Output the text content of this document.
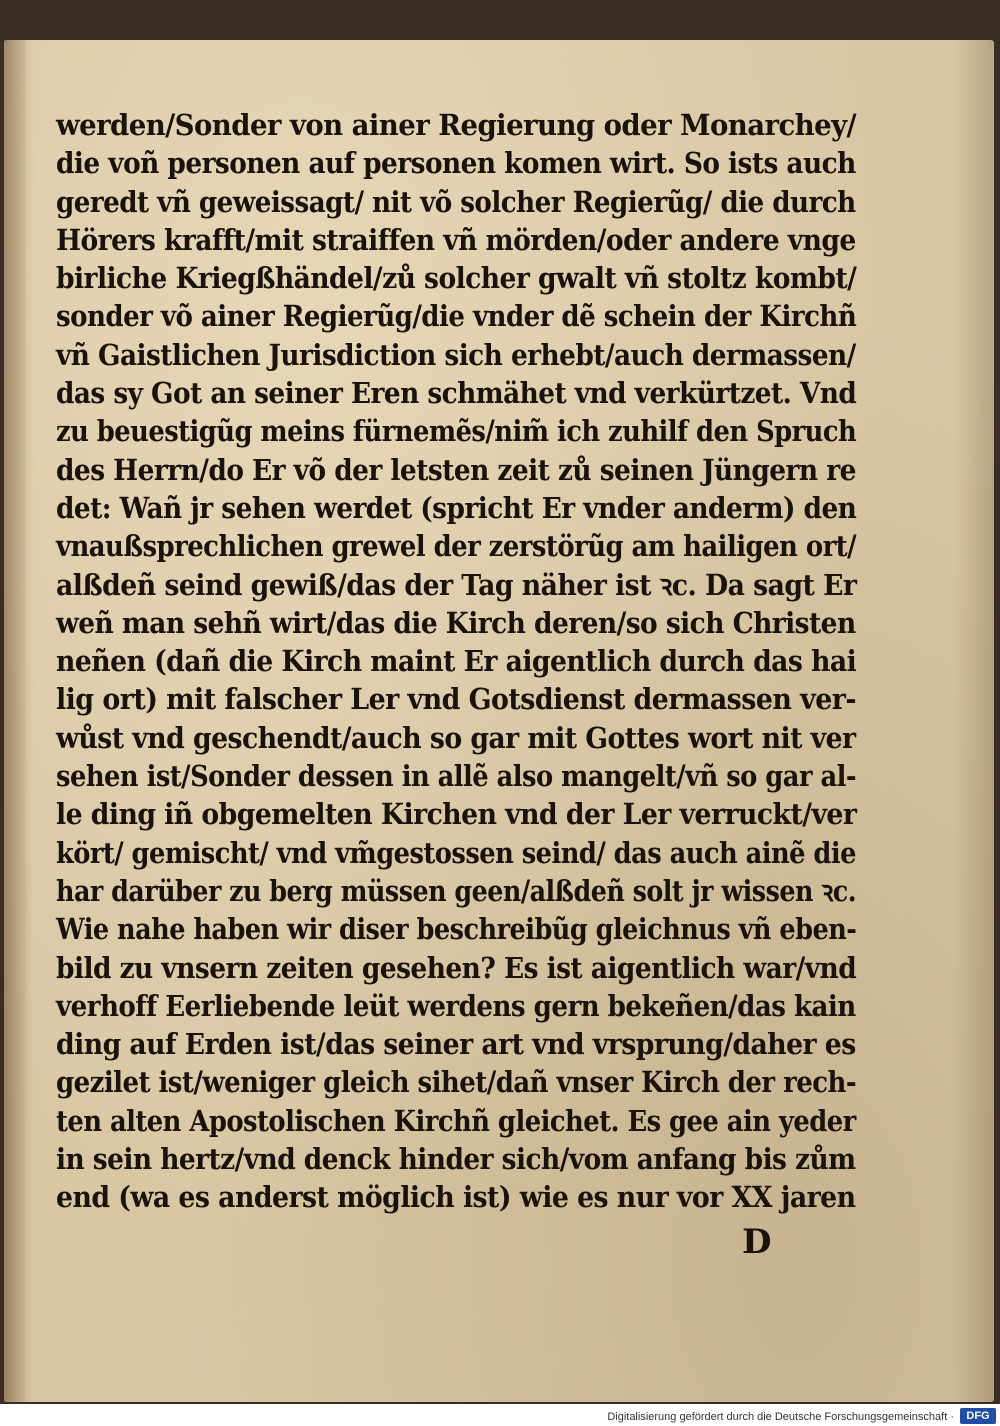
werden/Sonder von ainer Regierung oder Monarchey/
die voñ personen auf personen komen wirt. So ists auch
geredt vñ geweissagt/ nit võ solcher Regierũg/ die durch
Hörers krafft/mit straiffen vñ mörden/oder andere vnge
birliche Kriegßhändel/zů solcher gwalt vñ stoltz kombt/
sonder võ ainer Regierũg/die vnder dẽ schein der Kirchñ
vñ Gaistlichen Jurisdiction sich erhebt/auch dermassen/
das sy Got an seiner Eren schmähet vnd verkürtzet. Vnd
zu beuestigũg meins fürnemẽs/nim̃ ich zuhilf den Spruch
des Herrn/do Er võ der letsten zeit zů seinen Jüngern re
det: Wañ jr sehen werdet (spricht Er vnder anderm) den
vnaußsprechlichen grewel der zerstörũg am hailigen ort/
alßdeñ seind gewiß/das der Tag näher ist ꝛc. Da sagt Er
weñ man sehñ wirt/das die Kirch deren/so sich Christen
neñen (dañ die Kirch maint Er aigentlich durch das hai
lig ort) mit falscher Ler vnd Gotsdienst dermassen ver‑
wůst vnd geschendt/auch so gar mit Gottes wort nit ver
sehen ist/Sonder dessen in allẽ also mangelt/vñ so gar al‑
le ding iñ obgemelten Kirchen vnd der Ler verruckt/ver
kört/ gemischt/ vnd vm̃gestossen seind/ das auch ainẽ die
har darüber zu berg müssen geen/alßdeñ solt jr wissen ꝛc.
Wie nahe haben wir diser beschreibũg gleichnus vñ eben‑
bild zu vnsern zeiten gesehen? Es ist aigentlich war/vnd
verhoff Eerliebende leüt werdens gern bekeñen/das kain
ding auf Erden ist/das seiner art vnd vrsprung/daher es
gezilet ist/weniger gleich sihet/dañ vnser Kirch der rech‑
ten alten Apostolischen Kirchñ gleichet. Es gee ain yeder
in sein hertz/vnd denck hinder sich/vom anfang bis zům
end (wa es anderst möglich ist) wie es nur vor XX jaren
D
Digitalisierung gefördert durch die Deutsche Forschungsgemeinschaft ·	DFG
